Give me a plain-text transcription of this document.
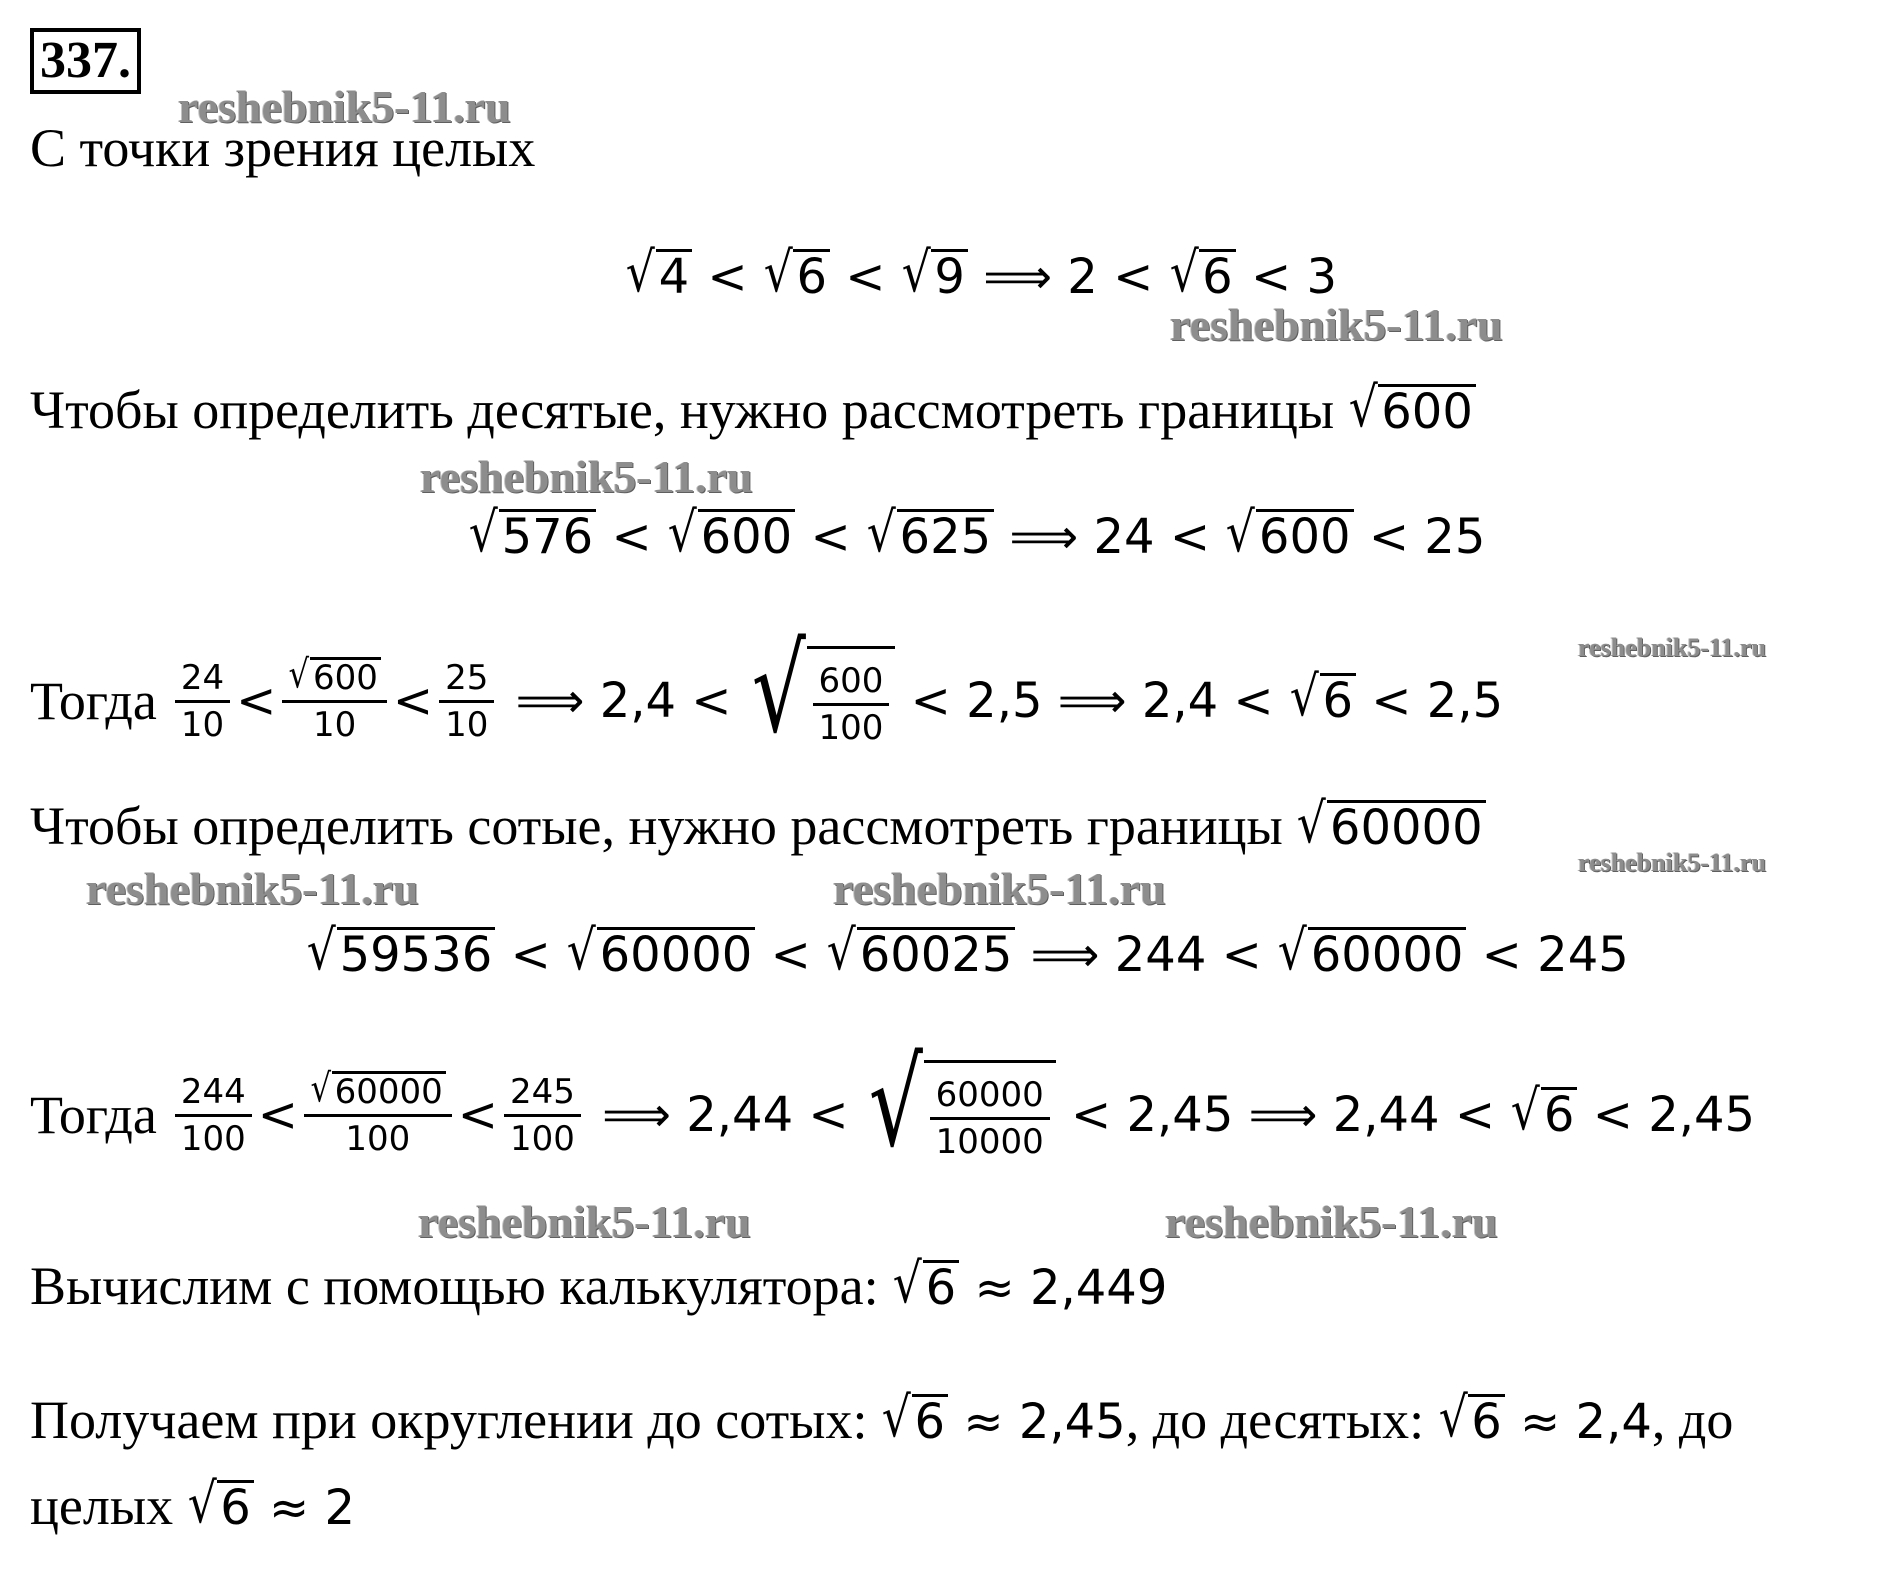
337.
reshebnik5-11.ru
reshebnik5-11.ru
reshebnik5-11.ru
reshebnik5-11.ru
reshebnik5-11.ru
reshebnik5-11.ru	reshebnik5-11.ru
reshebnik5-11.ru	reshebnik5-11.ru
С точки зрения целых
√4 < √6 < √9 ⟹ 2 < √6 < 3
Чтобы определить десятые, нужно рассмотреть границы √600
√576 < √600 < √625 ⟹ 24 < √600 < 25
Тогда $\frac{24}{10} < \frac{√ 600}{10} < \frac{25}{10}$ ⟹ 2,4 < √ $\frac{600}{100} < 2,5$ ⟹ 2,4 < √6 < 2,5
Чтобы определить сотые, нужно рассмотреть границы √60000
√59536 < √60000 < √60025 ⟹ 244 < √60000 < 245
Тогда $\frac{244}{100} < \frac{√ 60000}{100} < \frac{245}{100}$ ⟹ 2,44 < √ $\frac{60000}{10000} < 2,45$ ⟹ 2,44 < √6 < 2,45
Вычислим с помощью калькулятора: √6 ≈ 2,449
Получаем при округлении до сотых: √6 ≈ 2,45, до десятых: √6 ≈ 2,4, до
целых √6 ≈ 2
